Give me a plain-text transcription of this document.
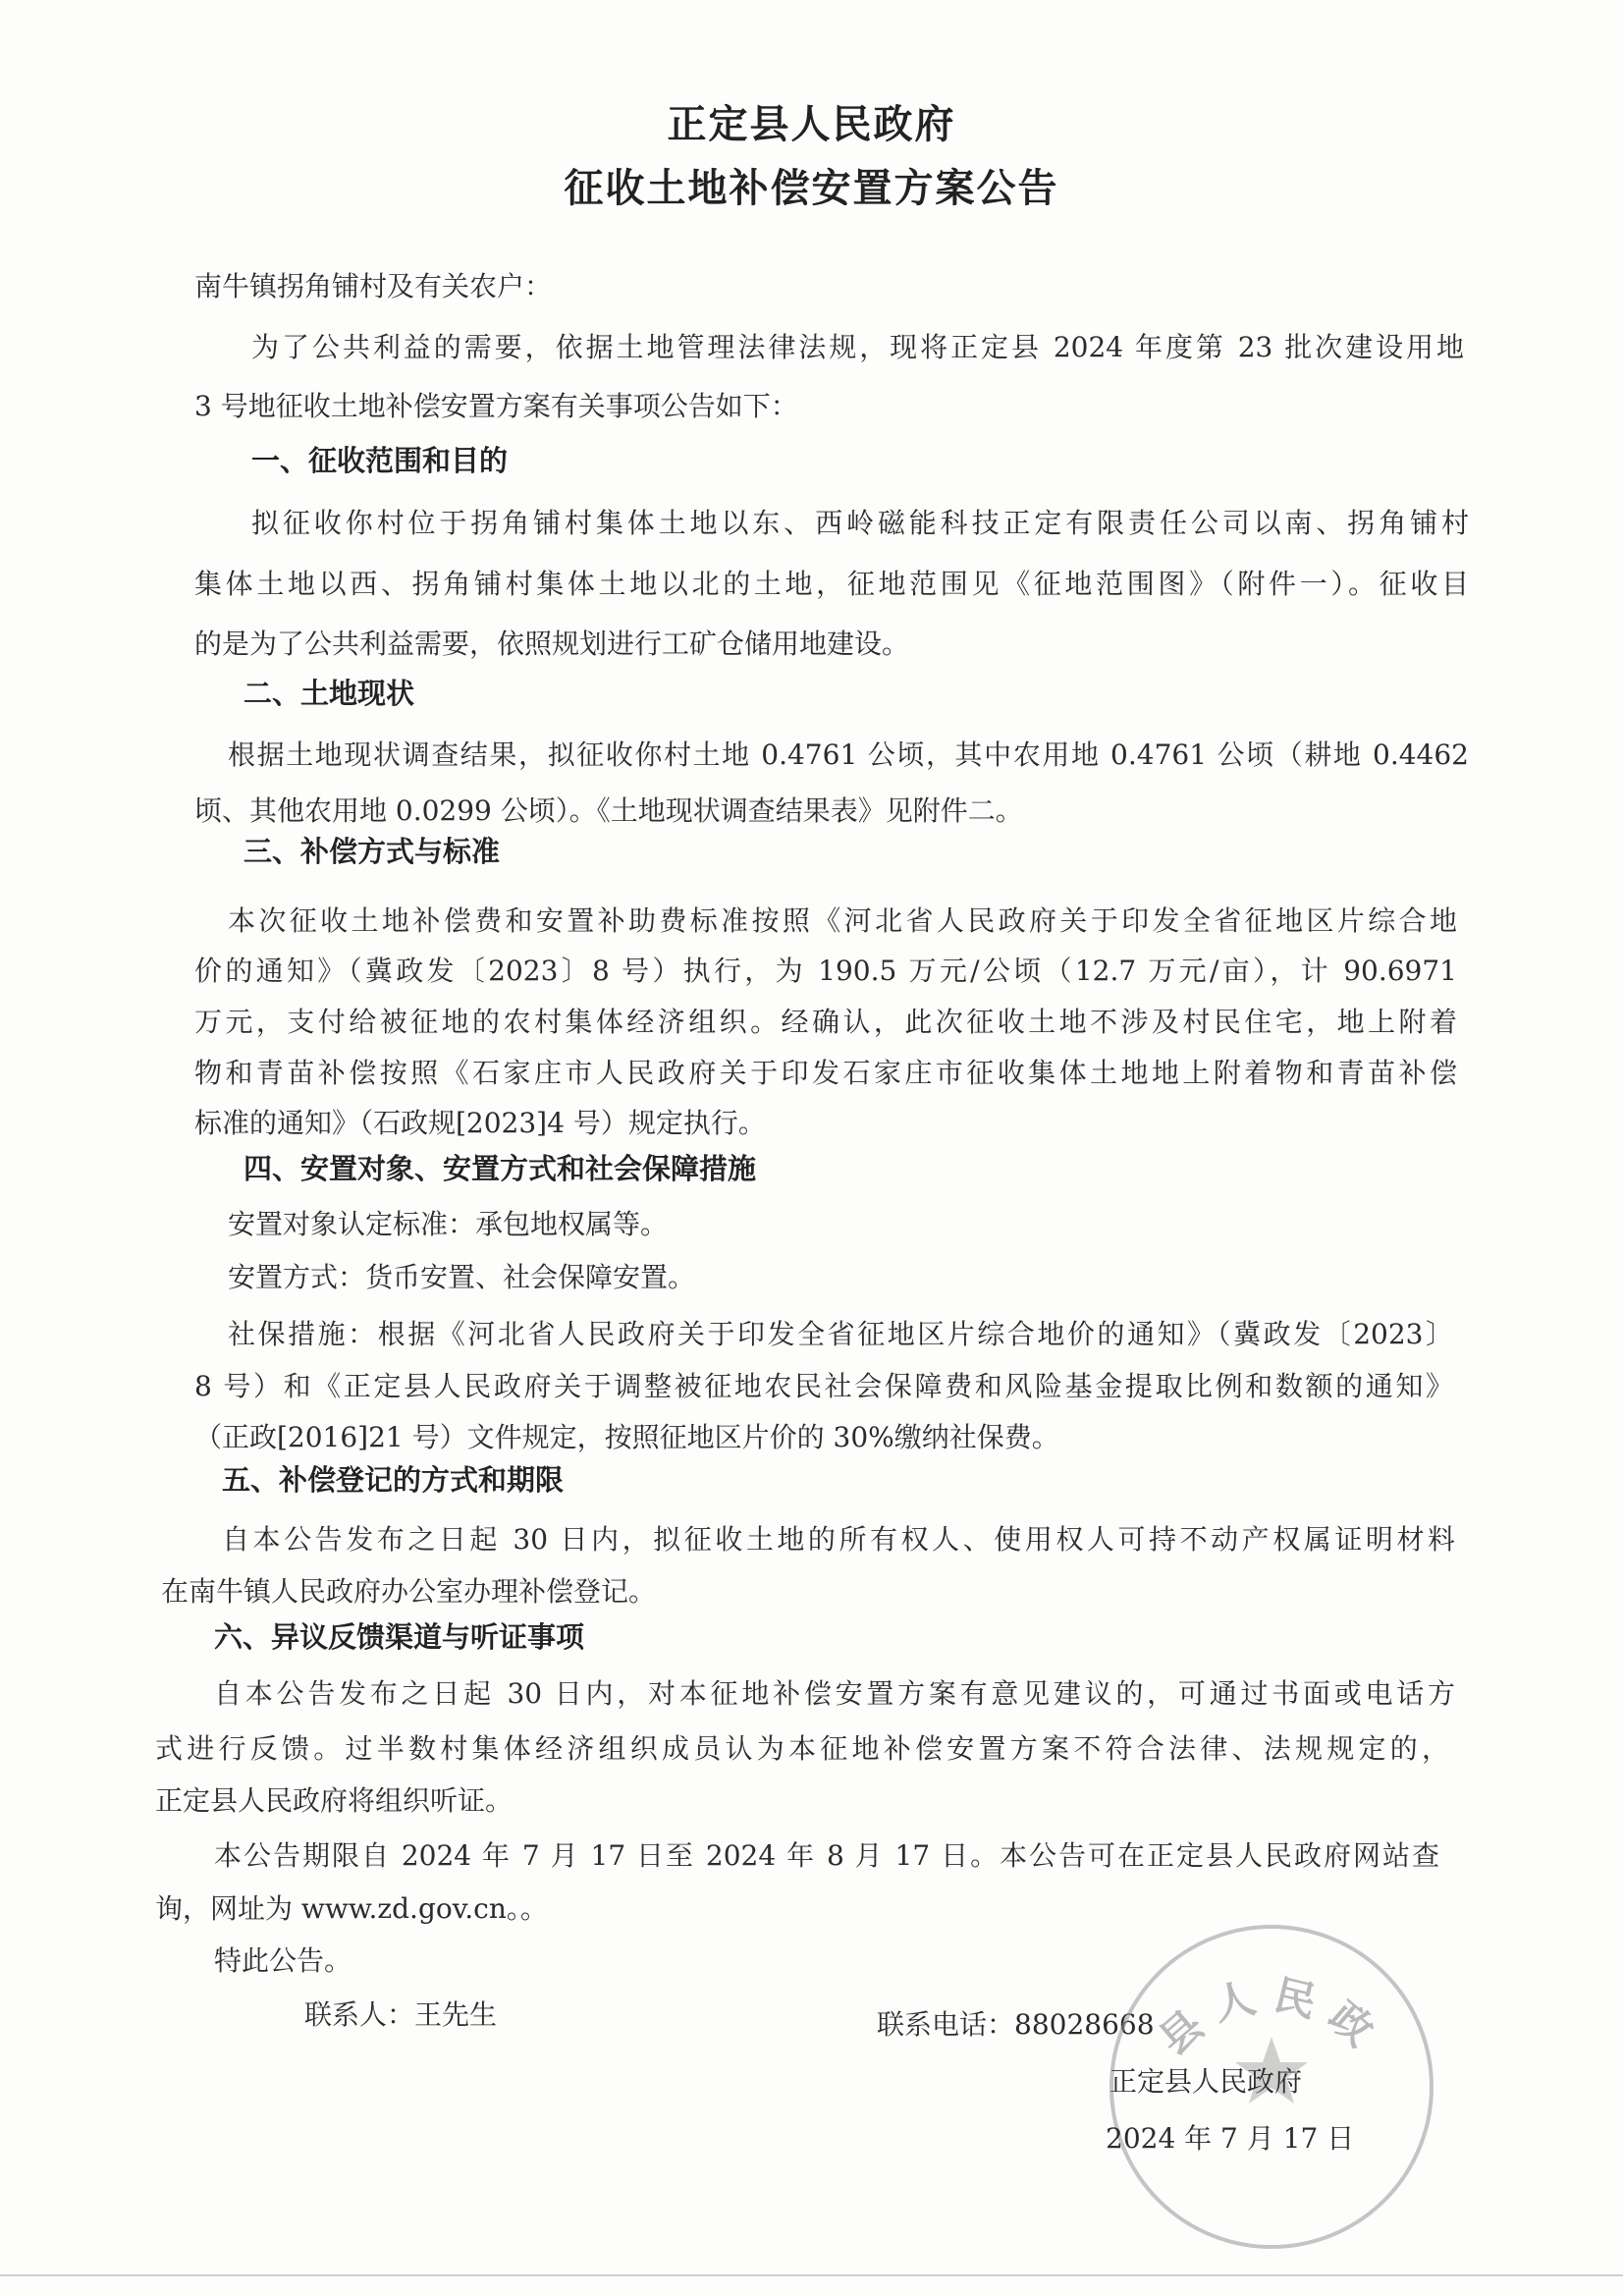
正定县人民政府
征收土地补偿安置方案公告
南牛镇拐角铺村及有关农户：
为了公共利益的需要，依据土地管理法律法规，现将正定县 2024 年度第 23 批次建设用地
3 号地征收土地补偿安置方案有关事项公告如下：
一、征收范围和目的
拟征收你村位于拐角铺村集体土地以东、西岭磁能科技正定有限责任公司以南、拐角铺村
集体土地以西、拐角铺村集体土地以北的土地，征地范围见《征地范围图》（附件一）。征收目
的是为了公共利益需要，依照规划进行工矿仓储用地建设。
二、土地现状
根据土地现状调查结果，拟征收你村土地 0.4761 公顷，其中农用地 0.4761 公顷（耕地 0.4462
顷、其他农用地 0.0299 公顷）。《土地现状调查结果表》见附件二。
三、补偿方式与标准
本次征收土地补偿费和安置补助费标准按照《河北省人民政府关于印发全省征地区片综合地
价的通知》（冀政发〔2023〕8 号）执行，为 190.5 万元/公顷（12.7 万元/亩），计 90.6971
万元，支付给被征地的农村集体经济组织。经确认，此次征收土地不涉及村民住宅，地上附着
物和青苗补偿按照《石家庄市人民政府关于印发石家庄市征收集体土地地上附着物和青苗补偿
标准的通知》（石政规[2023]4 号）规定执行。
四、安置对象、安置方式和社会保障措施
安置对象认定标准：承包地权属等。
安置方式：货币安置、社会保障安置。
社保措施：根据《河北省人民政府关于印发全省征地区片综合地价的通知》（冀政发〔2023〕
8 号）和《正定县人民政府关于调整被征地农民社会保障费和风险基金提取比例和数额的通知》
（正政[2016]21 号）文件规定，按照征地区片价的 30%缴纳社保费。
五、补偿登记的方式和期限
自本公告发布之日起 30 日内，拟征收土地的所有权人、使用权人可持不动产权属证明材料
在南牛镇人民政府办公室办理补偿登记。
六、异议反馈渠道与听证事项
自本公告发布之日起 30 日内，对本征地补偿安置方案有意见建议的，可通过书面或电话方
式进行反馈。过半数村集体经济组织成员认为本征地补偿安置方案不符合法律、法规规定的，
正定县人民政府将组织听证。
本公告期限自 2024 年 7 月 17 日至 2024 年 8 月 17 日。本公告可在正定县人民政府网站查
询，网址为 www.zd.gov.cn。。
特此公告。
联系人：王先生	联系电话：88028668
县人民政
正定县人民政府
2024 年 7 月 17 日
